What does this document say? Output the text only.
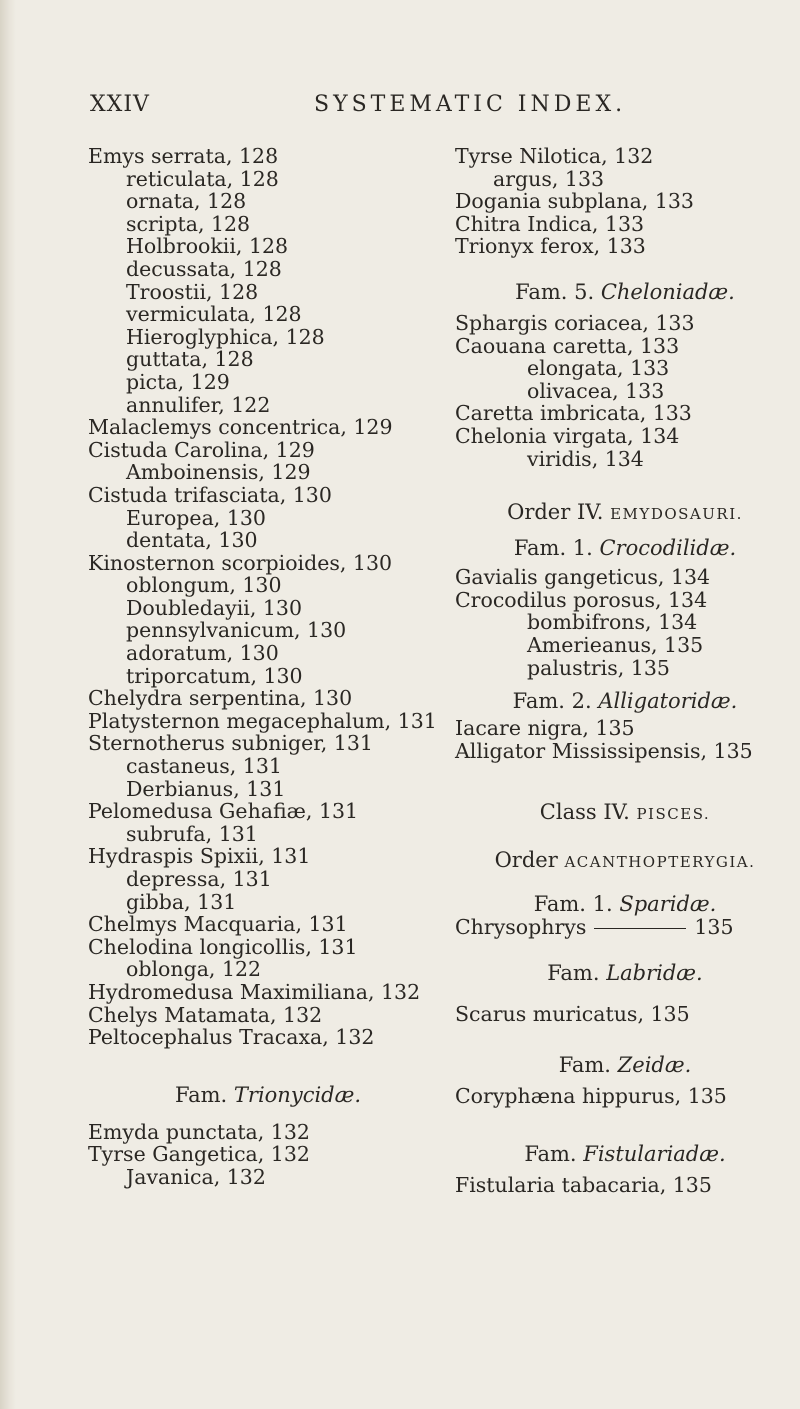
XXIV	SYSTEMATIC INDEX.
Emys serrata, 128
reticulata, 128
ornata, 128
scripta, 128
Holbrookii, 128
decussata, 128
Troostii, 128
vermiculata, 128
Hieroglyphica, 128
guttata, 128
picta, 129
annulifer, 122
Malaclemys concentrica, 129
Cistuda Carolina, 129
Amboinensis, 129
Cistuda trifasciata, 130
Europea, 130
dentata, 130
Kinosternon scorpioides, 130
oblongum, 130
Doubledayii, 130
pennsylvanicum, 130
adoratum, 130
triporcatum, 130
Chelydra serpentina, 130
Platysternon megacephalum, 131
Sternotherus subniger, 131
castaneus, 131
Derbianus, 131
Pelomedusa Gehafiæ, 131
subrufa, 131
Hydraspis Spixii, 131
depressa, 131
gibba, 131
Chelmys Macquaria, 131
Chelodina longicollis, 131
oblonga, 122
Hydromedusa Maximiliana, 132
Chelys Matamata, 132
Peltocephalus Tracaxa, 132
Fam. Trionycidæ.
Emyda punctata, 132
Tyrse Gangetica, 132
Javanica, 132
Tyrse Nilotica, 132
argus, 133
Dogania subplana, 133
Chitra Indica, 133
Trionyx ferox, 133
Fam. 5. Cheloniadæ.
Sphargis coriacea, 133
Caouana caretta, 133
elongata, 133
olivacea, 133
Caretta imbricata, 133
Chelonia virgata, 134
viridis, 134
Order IV. EMYDOSAURI.
Fam. 1. Crocodilidæ.
Gavialis gangeticus, 134
Crocodilus porosus, 134
bombifrons, 134
Amerieanus, 135
palustris, 135
Fam. 2. Alligatoridæ.
Iacare nigra, 135
Alligator Mississipensis, 135
Class IV. PISCES.
Order ACANTHOPTERYGIA.
Fam. 1. Sparidæ.
Chrysophrys	135
Fam. Labridæ.
Scarus muricatus, 135
Fam. Zeidæ.
Coryphæna hippurus, 135
Fam. Fistulariadæ.
Fistularia tabacaria, 135
